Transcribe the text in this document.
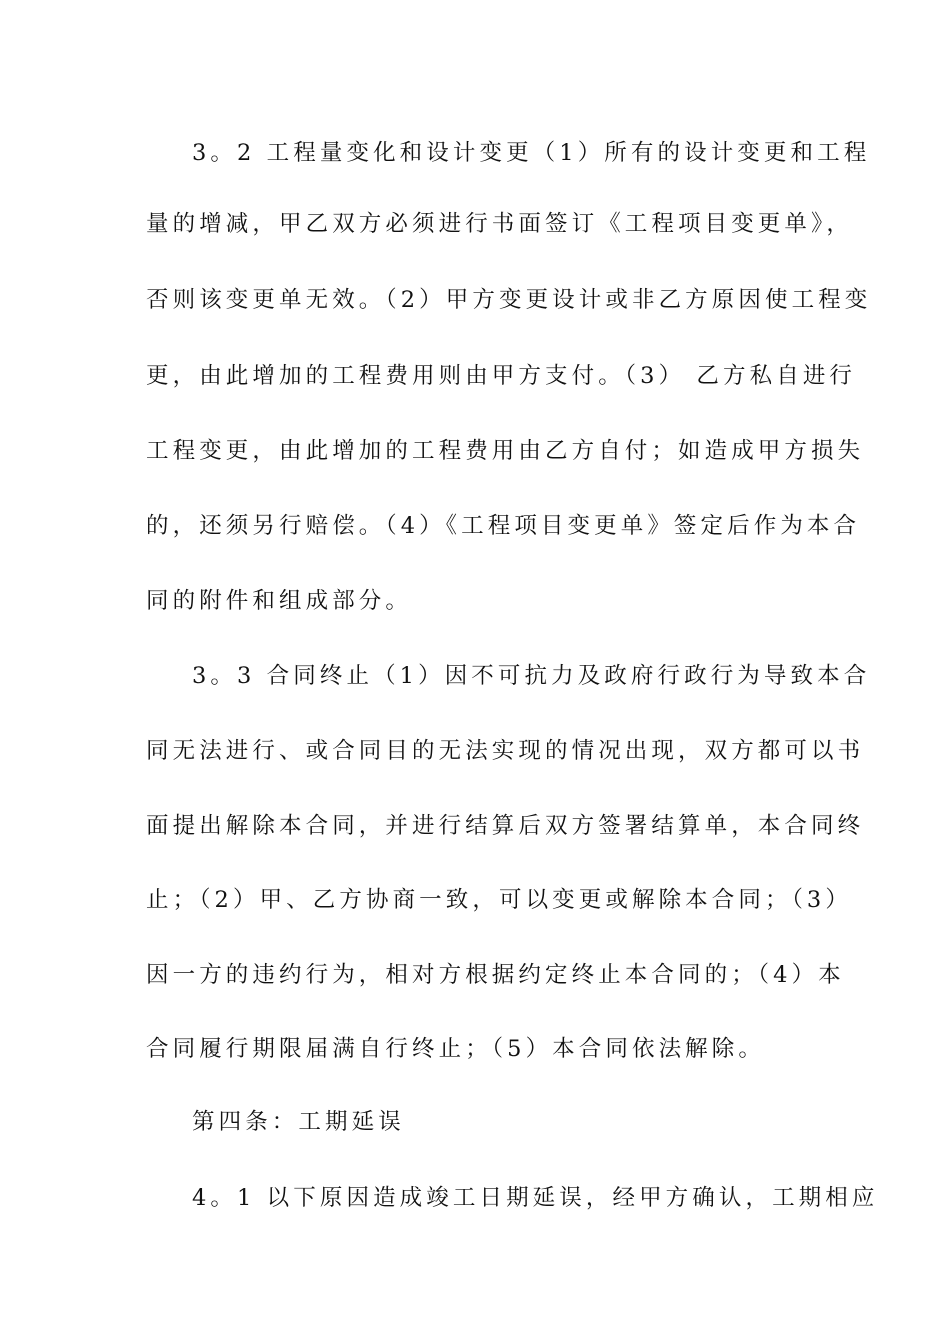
3。2 工程量变化和设计变更（1）所有的设计变更和工程
量的增减，甲乙双方必须进行书面签订《工程项目变更单》，
否则该变更单无效。（2）甲方变更设计或非乙方原因使工程变
更，由此增加的工程费用则由甲方支付。（3） 乙方私自进行
工程变更，由此增加的工程费用由乙方自付；如造成甲方损失
的，还须另行赔偿。（4）《工程项目变更单》签定后作为本合
同的附件和组成部分。
3。3 合同终止（1）因不可抗力及政府行政行为导致本合
同无法进行、或合同目的无法实现的情况出现，双方都可以书
面提出解除本合同，并进行结算后双方签署结算单，本合同终
止；（2）甲、乙方协商一致，可以变更或解除本合同；（3）
因一方的违约行为，相对方根据约定终止本合同的；（4）本
合同履行期限届满自行终止；（5）本合同依法解除。
第四条：工期延误
4。1 以下原因造成竣工日期延误，经甲方确认，工期相应
